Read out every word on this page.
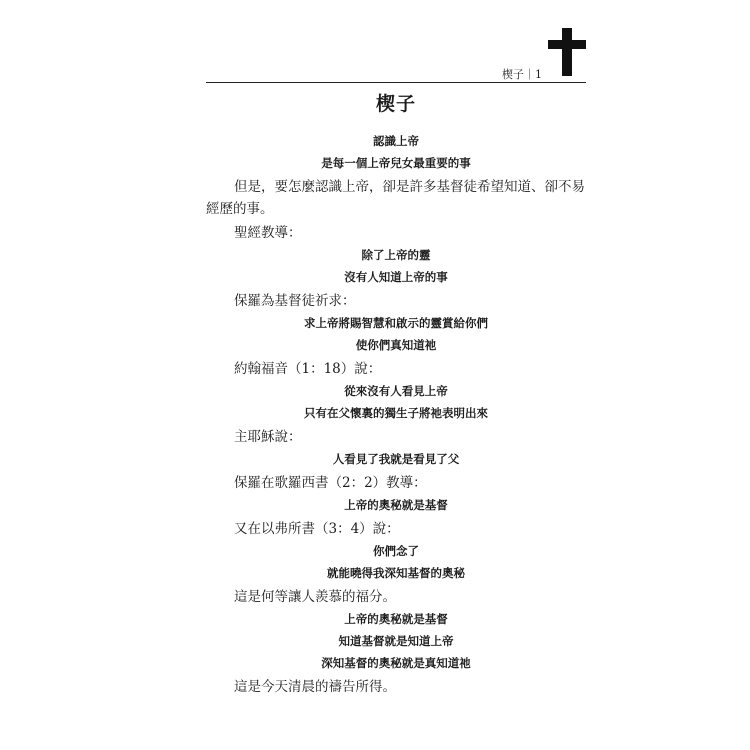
楔子｜1
楔子
認識上帝
是每一個上帝兒女最重要的事
但是，要怎麼認識上帝，卻是許多基督徒希望知道、卻不易
經歷的事。
聖經教導：
除了上帝的靈
沒有人知道上帝的事
保羅為基督徒祈求：
求上帝將賜智慧和啟示的靈賞給你們
使你們真知道祂
約翰福音（1：18）說：
從來沒有人看見上帝
只有在父懷裏的獨生子將祂表明出來
主耶穌說：
人看見了我就是看見了父
保羅在歌羅西書（2：2）教導：
上帝的奧秘就是基督
又在以弗所書（3：4）說：
你們念了
就能曉得我深知基督的奧秘
這是何等讓人羨慕的福分。
上帝的奧秘就是基督
知道基督就是知道上帝
深知基督的奧秘就是真知道祂
這是今天清晨的禱告所得。
